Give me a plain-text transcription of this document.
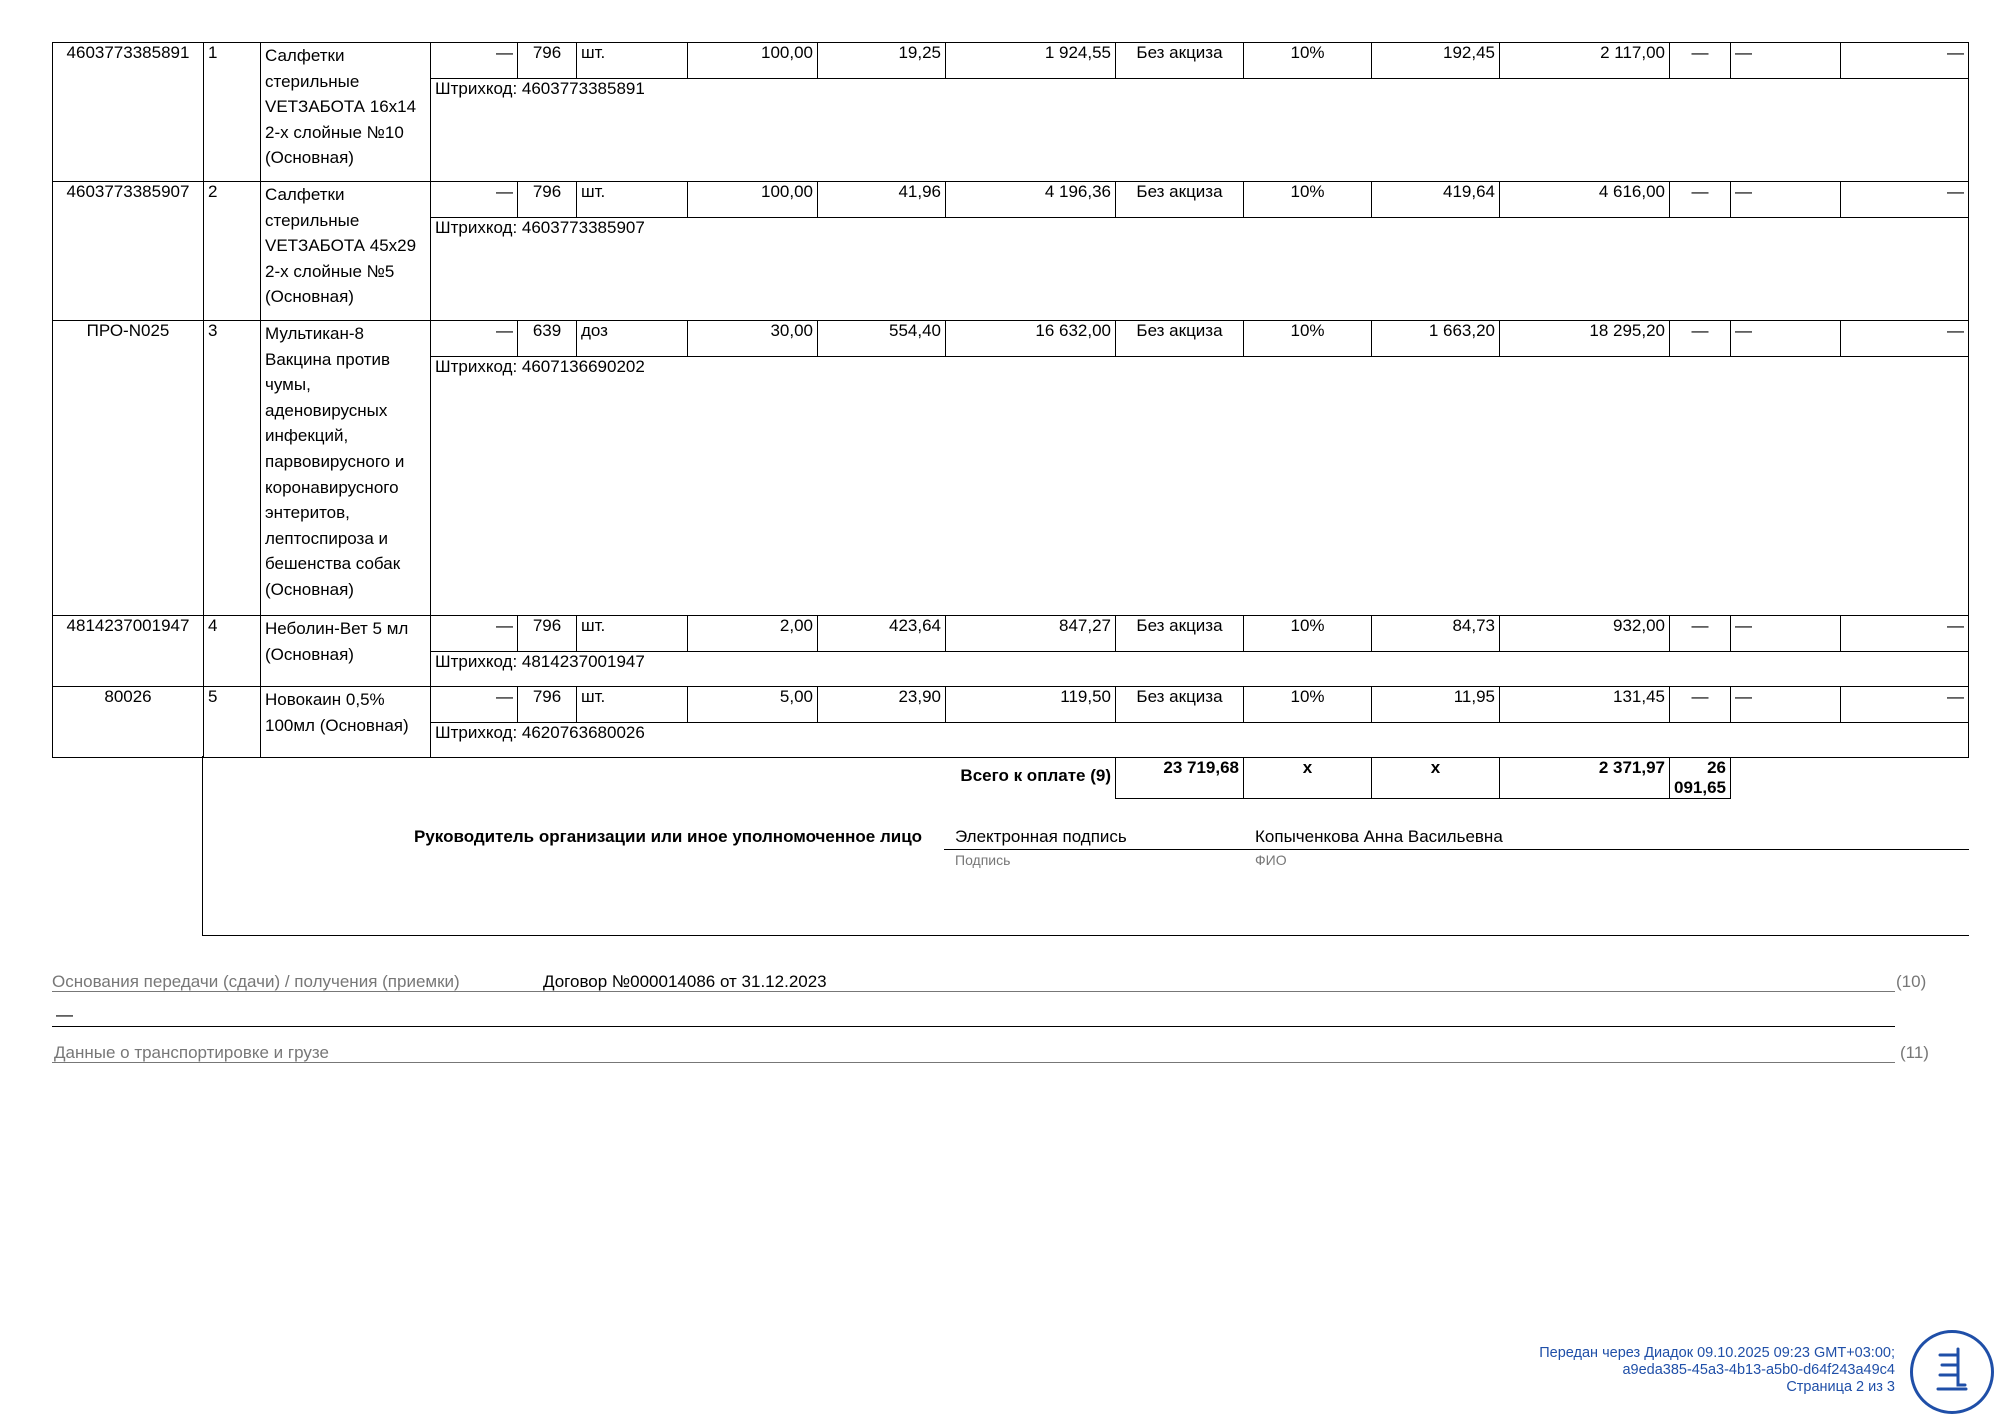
4603773385891	1	Салфетки стерильные VETЗАБОТА 16х14 2-х слойные №10 (Основная)	—	796	шт.	100,00	19,25	1 924,55	Без акциза	10%	192,45	2 117,00	—	—	—
			Штрихкод: 4603773385891												
4603773385907	2	Салфетки стерильные VETЗАБОТА 45х29 2-х слойные №5 (Основная)	—	796	шт.	100,00	41,96	4 196,36	Без акциза	10%	419,64	4 616,00	—	—	—
			Штрихкод: 4603773385907												
ПРО-N025	3	Мультикан-8 Вакцина против чумы, аденовирусных инфекций, парвовирусного и коронавирусного энтеритов, лептоспироза и бешенства собак (Основная)	—	639	доз	30,00	554,40	16 632,00	Без акциза	10%	1 663,20	18 295,20	—	—	—
			Штрихкод: 4607136690202												
4814237001947	4	Неболин-Вет 5 мл (Основная)	—	796	шт.	2,00	423,64	847,27	Без акциза	10%	84,73	932,00	—	—	—
			Штрихкод: 4814237001947												
80026	5	Новокаин 0,5% 100мл (Основная)	—	796	шт.	5,00	23,90	119,50	Без акциза	10%	11,95	131,45	—	—	—
			Штрихкод: 4620763680026												
	Всего к оплате (9)								23 719,68	x	x	2 371,97	26 091,65		
Руководитель организации или иное уполномоченное лицо Электронная подпись	Копыченкова Анна Васильевна
Подпись	ФИО
Основания передачи (сдачи) / получения (приемки)	Договор №000014086 от 31.12.2023	(10)
—
Данные о транспортировке и грузе	(11)
Передан через Диадок 09.10.2025 09:23 GMT+03:00;
a9eda385-45a3-4b13-a5b0-d64f243a49c4
Страница 2 из 3
